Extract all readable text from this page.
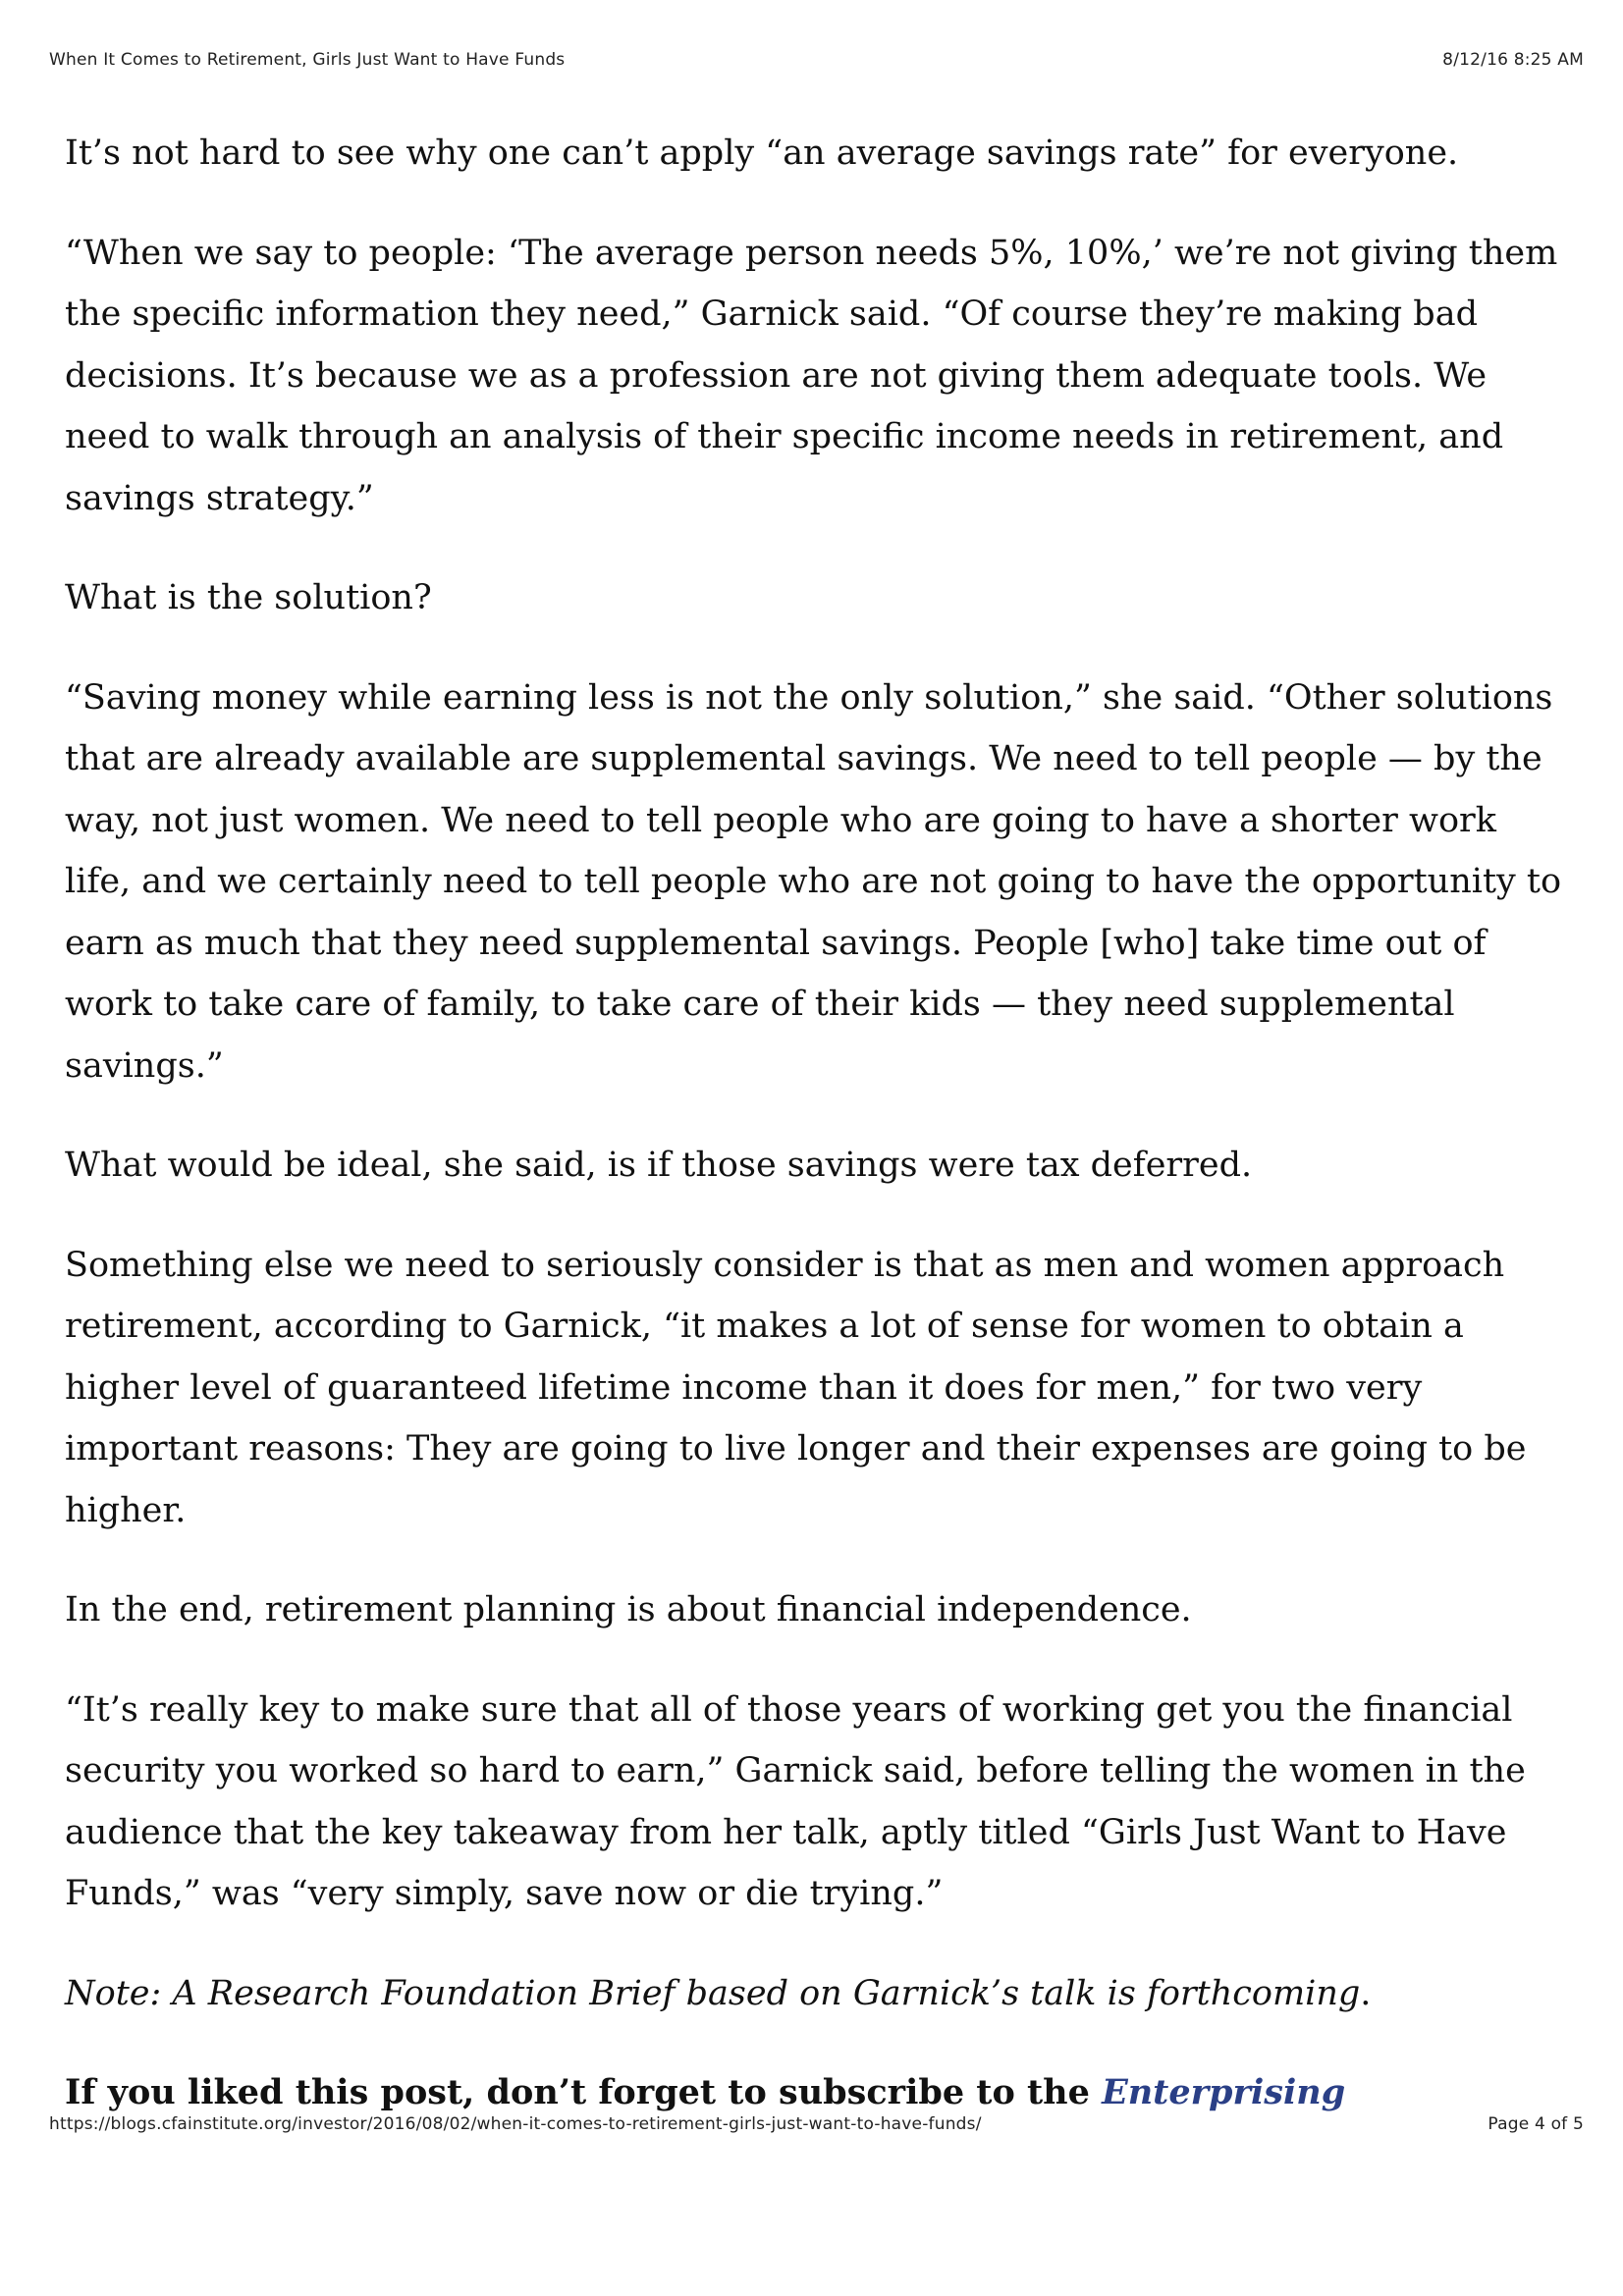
When It Comes to Retirement, Girls Just Want to Have Funds	8/12/16 8:25 AM

It’s not hard to see why one can’t apply “an average savings rate” for everyone.

“When we say to people: ‘The average person needs 5%, 10%,’ we’re not giving them the specific information they need,” Garnick said. “Of course they’re making bad decisions. It’s because we as a profession are not giving them adequate tools. We need to walk through an analysis of their specific income needs in retirement, and savings strategy.”

What is the solution?

“Saving money while earning less is not the only solution,” she said. “Other solutions that are already available are supplemental savings. We need to tell people — by the way, not just women. We need to tell people who are going to have a shorter work life, and we certainly need to tell people who are not going to have the opportunity to earn as much that they need supplemental savings. People [who] take time out of work to take care of family, to take care of their kids — they need supplemental savings.”

What would be ideal, she said, is if those savings were tax deferred.

Something else we need to seriously consider is that as men and women approach retirement, according to Garnick, “it makes a lot of sense for women to obtain a higher level of guaranteed lifetime income than it does for men,” for two very important reasons: They are going to live longer and their expenses are going to be higher.

In the end, retirement planning is about financial independence.

“It’s really key to make sure that all of those years of working get you the financial security you worked so hard to earn,” Garnick said, before telling the women in the audience that the key takeaway from her talk, aptly titled “Girls Just Want to Have Funds,” was “very simply, save now or die trying.”

Note: A Research Foundation Brief based on Garnick’s talk is forthcoming.

If you liked this post, don’t forget to subscribe to the Enterprising

https://blogs.cfainstitute.org/investor/2016/08/02/when-it-comes-to-retirement-girls-just-want-to-have-funds/	Page 4 of 5
